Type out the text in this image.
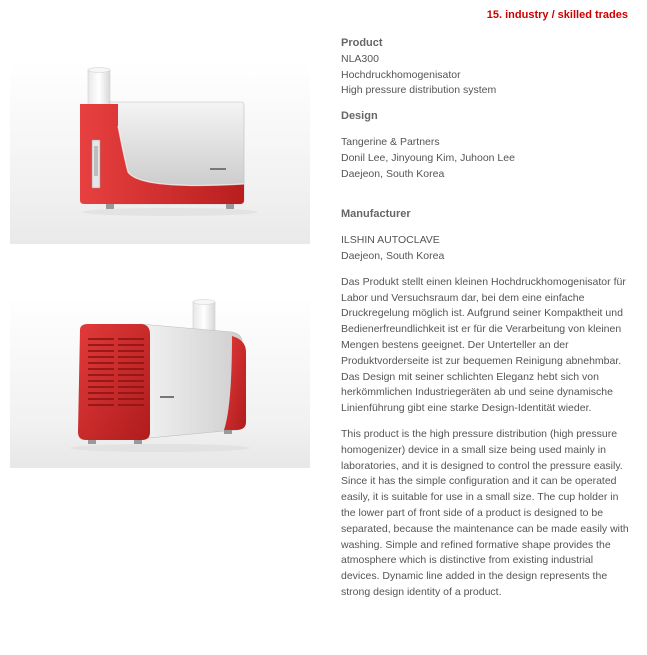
15. industry / skilled trades
Product
NLA300
Hochdruckhomogenisator
High pressure distribution system
Design
Tangerine & Partners
Donil Lee, Jinyoung Kim, Juhoon Lee
Daejeon, South Korea
Manufacturer
ILSHIN AUTOCLAVE
Daejeon, South Korea

Das Produkt stellt einen kleinen Hochdruckhomogenisator für Labor und Versuchsraum dar, bei dem eine einfache Druckregelung möglich ist. Aufgrund seiner Kompaktheit und Bedienerfreundlichkeit ist er für die Verarbeitung von kleinen Mengen bestens geeignet. Der Unterteller an der Produktvorderseite ist zur bequemen Reinigung abnehmbar. Das Design mit seiner schlichten Eleganz hebt sich von herkömmlichen Industriegeräten ab und seine dynamische Linienführung gibt eine starke Design-Identität wieder.

This product is the high pressure distribution (high pressure homogenizer) device in a small size being used mainly in laboratories, and it is designed to control the pressure easily. Since it has the simple configuration and it can be operated easily, it is suitable for use in a small size. The cup holder in the lower part of front side of a product is designed to be separated, because the maintenance can be made easily with washing. Simple and refined formative shape provides the atmosphere which is distinctive from existing industrial devices. Dynamic line added in the design represents the strong design identity of a product.
